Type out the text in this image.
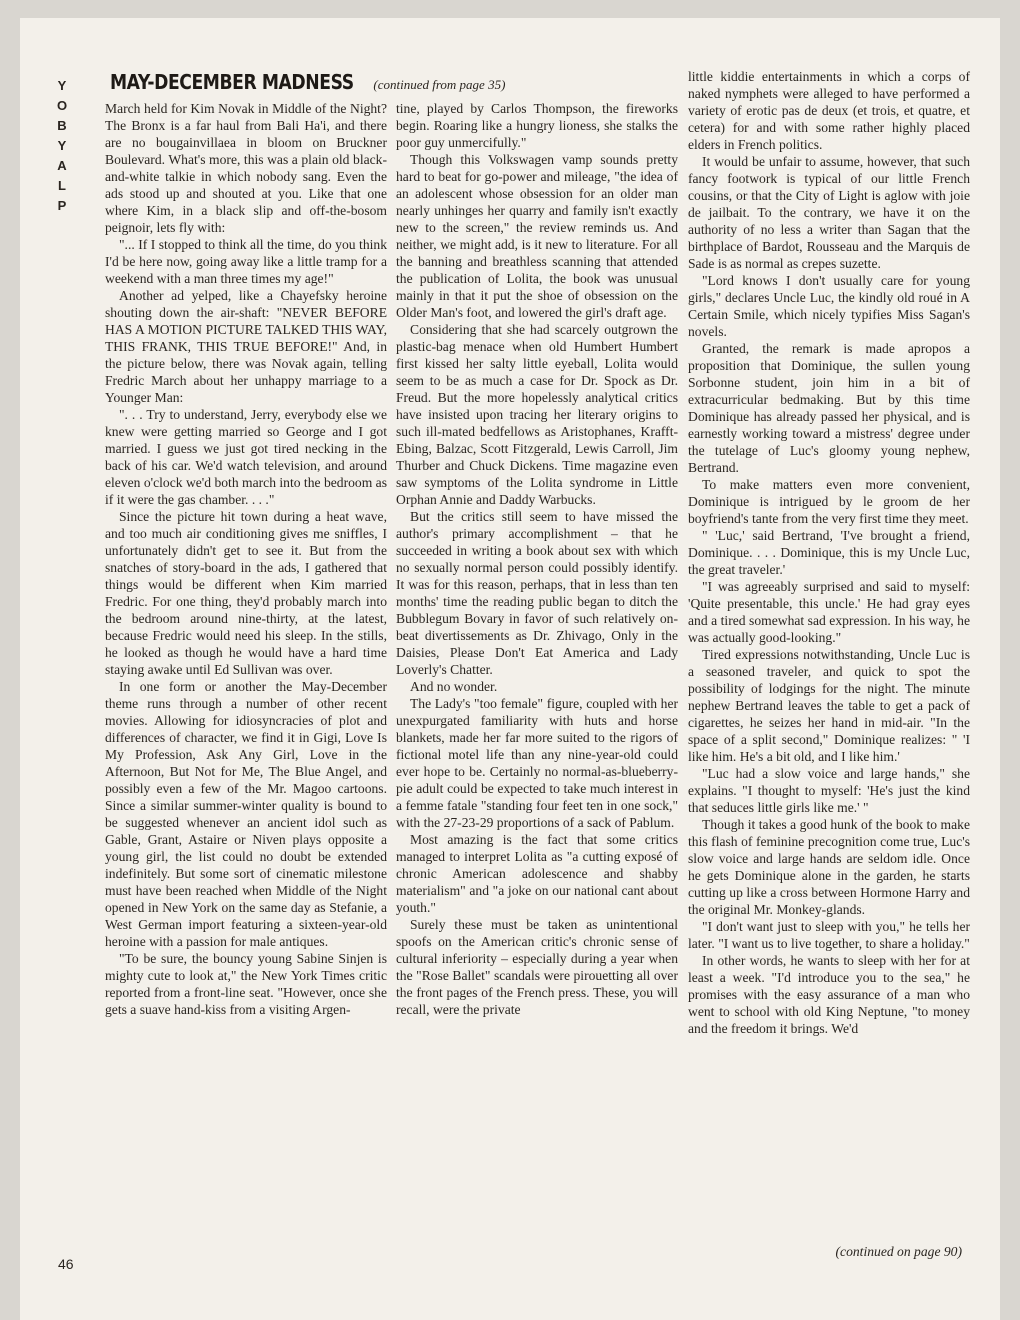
Y
O
B
Y
A
L
P
MAY-DECEMBER MADNESS (continued from page 35)

March held for Kim Novak in Middle of the Night? The Bronx is a far haul from Bali Ha'i, and there are no bougainvillaea in bloom on Bruckner Boulevard. What's more, this was a plain old black-and-white talkie in which nobody sang. Even the ads stood up and shouted at you. Like that one where Kim, in a black slip and off-the-bosom peignoir, lets fly with:

"... If I stopped to think all the time, do you think I'd be here now, going away like a little tramp for a weekend with a man three times my age!"

Another ad yelped, like a Chayefsky heroine shouting down the air-shaft: "NEVER BEFORE HAS A MOTION PICTURE TALKED THIS WAY, THIS FRANK, THIS TRUE BEFORE!" And, in the picture below, there was Novak again, telling Fredric March about her unhappy marriage to a Younger Man:

". . . Try to understand, Jerry, everybody else we knew were getting married so George and I got married. I guess we just got tired necking in the back of his car. We'd watch television, and around eleven o'clock we'd both march into the bedroom as if it were the gas chamber. . . ."

Since the picture hit town during a heat wave, and too much air conditioning gives me sniffles, I unfortunately didn't get to see it. But from the snatches of story-board in the ads, I gathered that things would be different when Kim married Fredric. For one thing, they'd probably march into the bedroom around nine-thirty, at the latest, because Fredric would need his sleep. In the stills, he looked as though he would have a hard time staying awake until Ed Sullivan was over.

In one form or another the May-December theme runs through a number of other recent movies. Allowing for idiosyncracies of plot and differences of character, we find it in Gigi, Love Is My Profession, Ask Any Girl, Love in the Afternoon, But Not for Me, The Blue Angel, and possibly even a few of the Mr. Magoo cartoons. Since a similar summer-winter quality is bound to be suggested whenever an ancient idol such as Gable, Grant, Astaire or Niven plays opposite a young girl, the list could no doubt be extended indefinitely. But some sort of cinematic milestone must have been reached when Middle of the Night opened in New York on the same day as Stefanie, a West German import featuring a sixteen-year-old heroine with a passion for male antiques.

"To be sure, the bouncy young Sabine Sinjen is mighty cute to look at," the New York Times critic reported from a front-line seat. "However, once she gets a suave hand-kiss from a visiting Argen-

tine, played by Carlos Thompson, the fireworks begin. Roaring like a hungry lioness, she stalks the poor guy unmercifully."

Though this Volkswagen vamp sounds pretty hard to beat for go-power and mileage, "the idea of an adolescent whose obsession for an older man nearly unhinges her quarry and family isn't exactly new to the screen," the review reminds us. And neither, we might add, is it new to literature. For all the banning and breathless scanning that attended the publication of Lolita, the book was unusual mainly in that it put the shoe of obsession on the Older Man's foot, and lowered the girl's draft age.

Considering that she had scarcely outgrown the plastic-bag menace when old Humbert Humbert first kissed her salty little eyeball, Lolita would seem to be as much a case for Dr. Spock as Dr. Freud. But the more hopelessly analytical critics have insisted upon tracing her literary origins to such ill-mated bedfellows as Aristophanes, Krafft-Ebing, Balzac, Scott Fitzgerald, Lewis Carroll, Jim Thurber and Chuck Dickens. Time magazine even saw symptoms of the Lolita syndrome in Little Orphan Annie and Daddy Warbucks.

But the critics still seem to have missed the author's primary accomplishment – that he succeeded in writing a book about sex with which no sexually normal person could possibly identify. It was for this reason, perhaps, that in less than ten months' time the reading public began to ditch the Bubblegum Bovary in favor of such relatively on-beat divertissements as Dr. Zhivago, Only in the Daisies, Please Don't Eat America and Lady Loverly's Chatter.

And no wonder.

The Lady's "too female" figure, coupled with her unexpurgated familiarity with huts and horse blankets, made her far more suited to the rigors of fictional motel life than any nine-year-old could ever hope to be. Certainly no normal-as-blueberry-pie adult could be expected to take much interest in a femme fatale "standing four feet ten in one sock," with the 27-23-29 proportions of a sack of Pablum.

Most amazing is the fact that some critics managed to interpret Lolita as "a cutting exposé of chronic American adolescence and shabby materialism" and "a joke on our national cant about youth."

Surely these must be taken as unintentional spoofs on the American critic's chronic sense of cultural inferiority – especially during a year when the "Rose Ballet" scandals were pirouetting all over the front pages of the French press. These, you will recall, were the private

little kiddie entertainments in which a corps of naked nymphets were alleged to have performed a variety of erotic pas de deux (et trois, et quatre, et cetera) for and with some rather highly placed elders in French politics.

It would be unfair to assume, however, that such fancy footwork is typical of our little French cousins, or that the City of Light is aglow with joie de jailbait. To the contrary, we have it on the authority of no less a writer than Sagan that the birthplace of Bardot, Rousseau and the Marquis de Sade is as normal as crepes suzette.

"Lord knows I don't usually care for young girls," declares Uncle Luc, the kindly old roué in A Certain Smile, which nicely typifies Miss Sagan's novels.

Granted, the remark is made apropos a proposition that Dominique, the sullen young Sorbonne student, join him in a bit of extracurricular bedmaking. But by this time Dominique has already passed her physical, and is earnestly working toward a mistress' degree under the tutelage of Luc's gloomy young nephew, Bertrand.

To make matters even more convenient, Dominique is intrigued by le groom de her boyfriend's tante from the very first time they meet.

" 'Luc,' said Bertrand, 'I've brought a friend, Dominique. . . . Dominique, this is my Uncle Luc, the great traveler.'

"I was agreeably surprised and said to myself: 'Quite presentable, this uncle.' He had gray eyes and a tired somewhat sad expression. In his way, he was actually good-looking."

Tired expressions notwithstanding, Uncle Luc is a seasoned traveler, and quick to spot the possibility of lodgings for the night. The minute nephew Bertrand leaves the table to get a pack of cigarettes, he seizes her hand in mid-air. "In the space of a split second," Dominique realizes: " 'I like him. He's a bit old, and I like him.'

"Luc had a slow voice and large hands," she explains. "I thought to myself: 'He's just the kind that seduces little girls like me.' "

Though it takes a good hunk of the book to make this flash of feminine precognition come true, Luc's slow voice and large hands are seldom idle. Once he gets Dominique alone in the garden, he starts cutting up like a cross between Hormone Harry and the original Mr. Monkey-glands.

"I don't want just to sleep with you," he tells her later. "I want us to live together, to share a holiday."

In other words, he wants to sleep with her for at least a week. "I'd introduce you to the sea," he promises with the easy assurance of a man who went to school with old King Neptune, "to money and the freedom it brings. We'd

(continued on page 90)
46
